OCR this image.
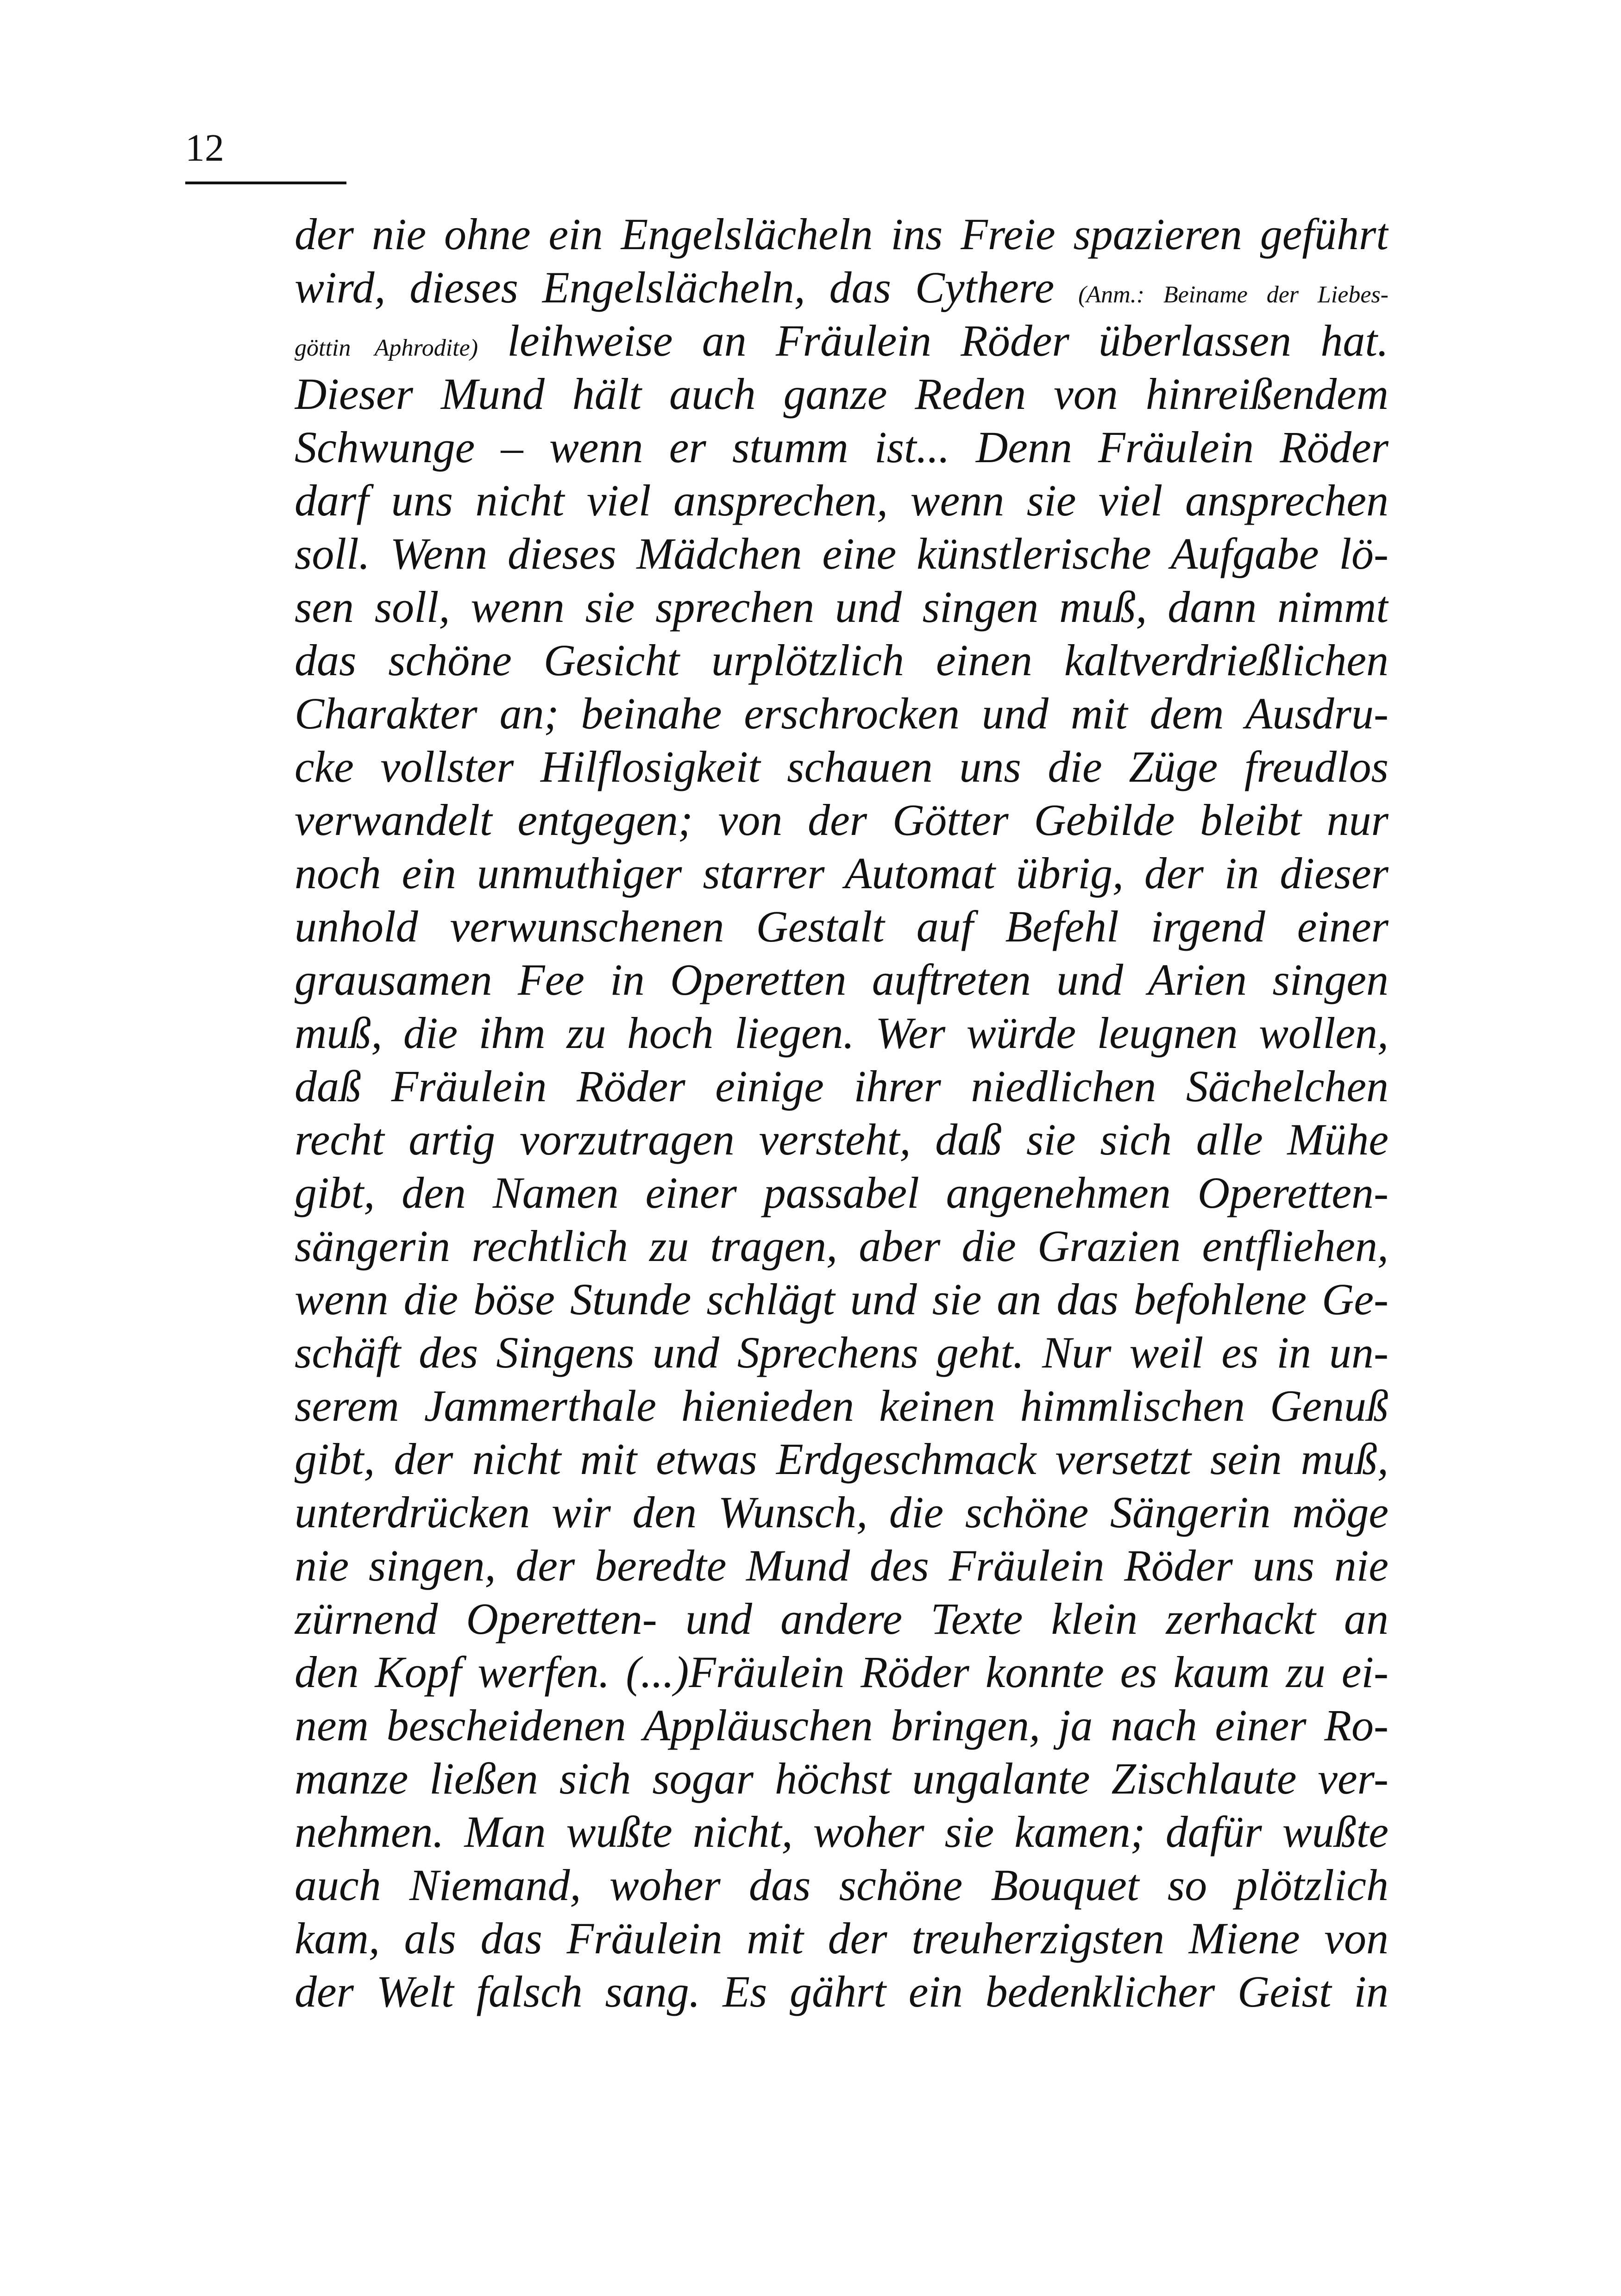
12
der nie ohne ein Engelslächeln ins Freie spazieren geführt
wird, dieses Engelslächeln, das Cythere (Anm.: Beiname der Liebes-
göttin Aphrodite) leihweise an Fräulein Röder überlassen hat.
Dieser Mund hält auch ganze Reden von hinreißendem
Schwunge – wenn er stumm ist... Denn Fräulein Röder
darf uns nicht viel ansprechen, wenn sie viel ansprechen
soll. Wenn dieses Mädchen eine künstlerische Aufgabe lö-
sen soll, wenn sie sprechen und singen muß, dann nimmt
das schöne Gesicht urplötzlich einen kaltverdrießlichen
Charakter an; beinahe erschrocken und mit dem Ausdru-
cke vollster Hilflosigkeit schauen uns die Züge freudlos
verwandelt entgegen; von der Götter Gebilde bleibt nur
noch ein unmuthiger starrer Automat übrig, der in dieser
unhold verwunschenen Gestalt auf Befehl irgend einer
grausamen Fee in Operetten auftreten und Arien singen
muß, die ihm zu hoch liegen. Wer würde leugnen wollen,
daß Fräulein Röder einige ihrer niedlichen Sächelchen
recht artig vorzutragen versteht, daß sie sich alle Mühe
gibt, den Namen einer passabel angenehmen Operetten-
sängerin rechtlich zu tragen, aber die Grazien entfliehen,
wenn die böse Stunde schlägt und sie an das befohlene Ge-
schäft des Singens und Sprechens geht. Nur weil es in un-
serem Jammerthale hienieden keinen himmlischen Genuß
gibt, der nicht mit etwas Erdgeschmack versetzt sein muß,
unterdrücken wir den Wunsch, die schöne Sängerin möge
nie singen, der beredte Mund des Fräulein Röder uns nie
zürnend Operetten- und andere Texte klein zerhackt an
den Kopf werfen. (...)Fräulein Röder konnte es kaum zu ei-
nem bescheidenen Appläuschen bringen, ja nach einer Ro-
manze ließen sich sogar höchst ungalante Zischlaute ver-
nehmen. Man wußte nicht, woher sie kamen; dafür wußte
auch Niemand, woher das schöne Bouquet so plötzlich
kam, als das Fräulein mit der treuherzigsten Miene von
der Welt falsch sang. Es gährt ein bedenklicher Geist in
